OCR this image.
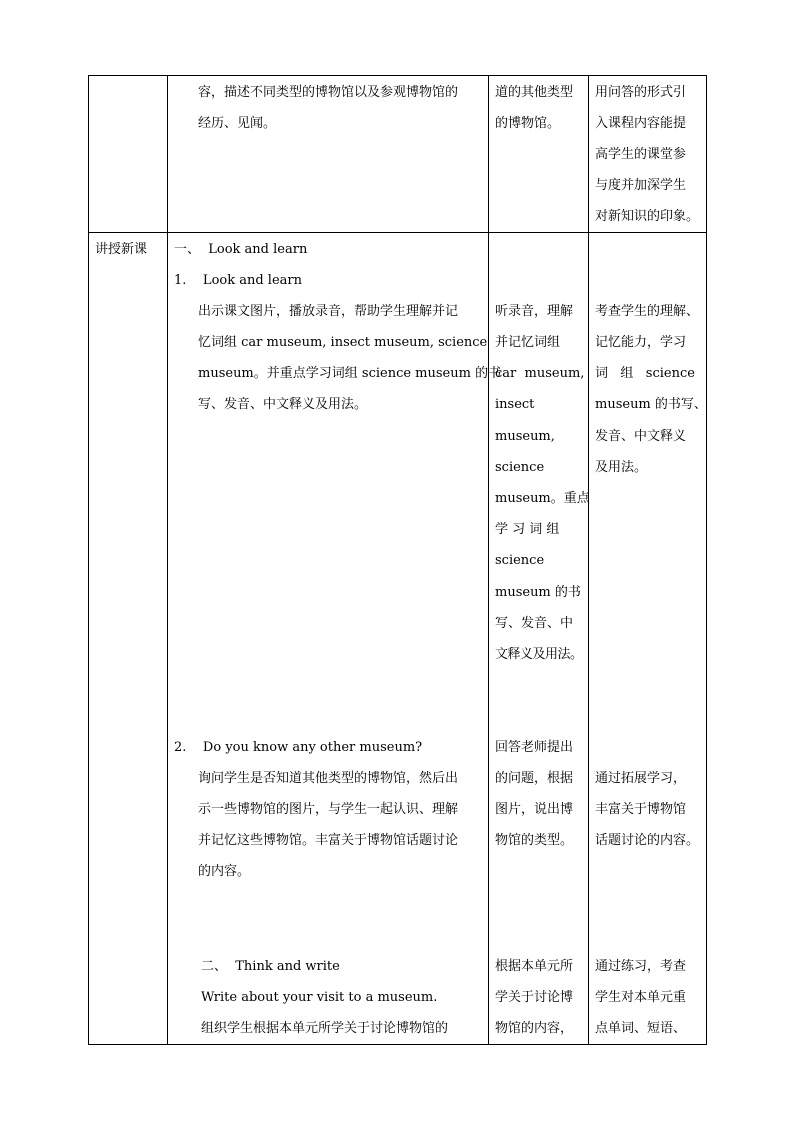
容，描述不同类型的博物馆以及参观博物馆的
经历、见闻。
道的其他类型
的博物馆。
用问答的形式引
入课程内容能提
高学生的课堂参
与度并加深学生
对新知识的印象。
讲授新课 一、  Look and learn
1.    Look and learn
出示课文图片，播放录音，帮助学生理解并记
忆词组 car museum, insect museum, science
museum。并重点学习词组 science museum 的书
写、发音、中文释义及用法。
听录音，理解
并记忆词组
car  museum,
insect
museum,
science
museum。重点
学 习 词 组
science
museum 的书
写、发音、中
文释义及用法。
考查学生的理解、
记忆能力，学习
词   组   science
museum 的书写、
发音、中文释义
及用法。
2.    Do you know any other museum?
询问学生是否知道其他类型的博物馆，然后出
示一些博物馆的图片，与学生一起认识、理解
并记忆这些博物馆。丰富关于博物馆话题讨论
的内容。
回答老师提出
的问题，根据
图片，说出博
物馆的类型。
通过拓展学习，
丰富关于博物馆
话题讨论的内容。
二、  Think and write
Write about your visit to a museum.
组织学生根据本单元所学关于讨论博物馆的
根据本单元所
学关于讨论博
物馆的内容，
通过练习，考查
学生对本单元重
点单词、短语、
